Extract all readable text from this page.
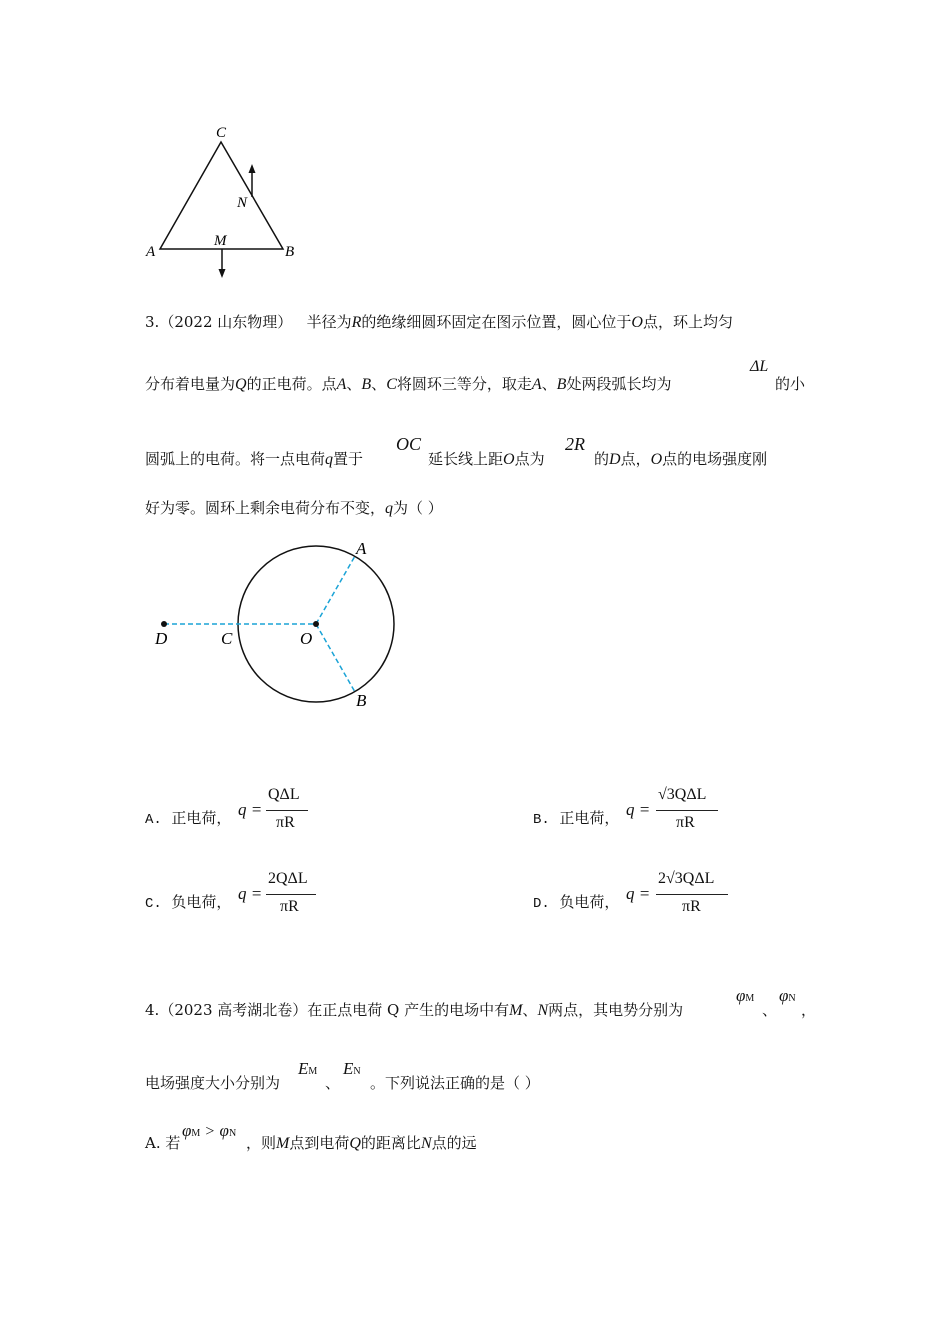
C
N
A
M
B
3.（2022 山东物理） 半径为R的绝缘细圆环固定在图示位置，圆心位于O点，环上均匀
分布着电量为Q的正电荷。点A、B、C将圆环三等分，取走A、B处两段弧长均为
ΔL
的小
圆弧上的电荷。将一点电荷q置于
OC
延长线上距O点为
2R
的D点，O点的电场强度刚
好为零。圆环上剩余电荷分布不变，q为（ ）
A
B
C
D	O
A. 正电荷， q =
QΔL
πR	B. 正电荷， q =
√3QΔL
πR
C. 负电荷， q =
2QΔL
πR	D. 负电荷， q =
2√3QΔL
πR
4.（2023 高考湖北卷）在正点电荷 Q 产生的电场中有M、N两点，其电势分别为
φM
、
φN
，
电场强度大小分别为
EM
、
EN
。下列说法正确的是（ ）
A. 若
φM > φN
，则M点到电荷Q的距离比N点的远
